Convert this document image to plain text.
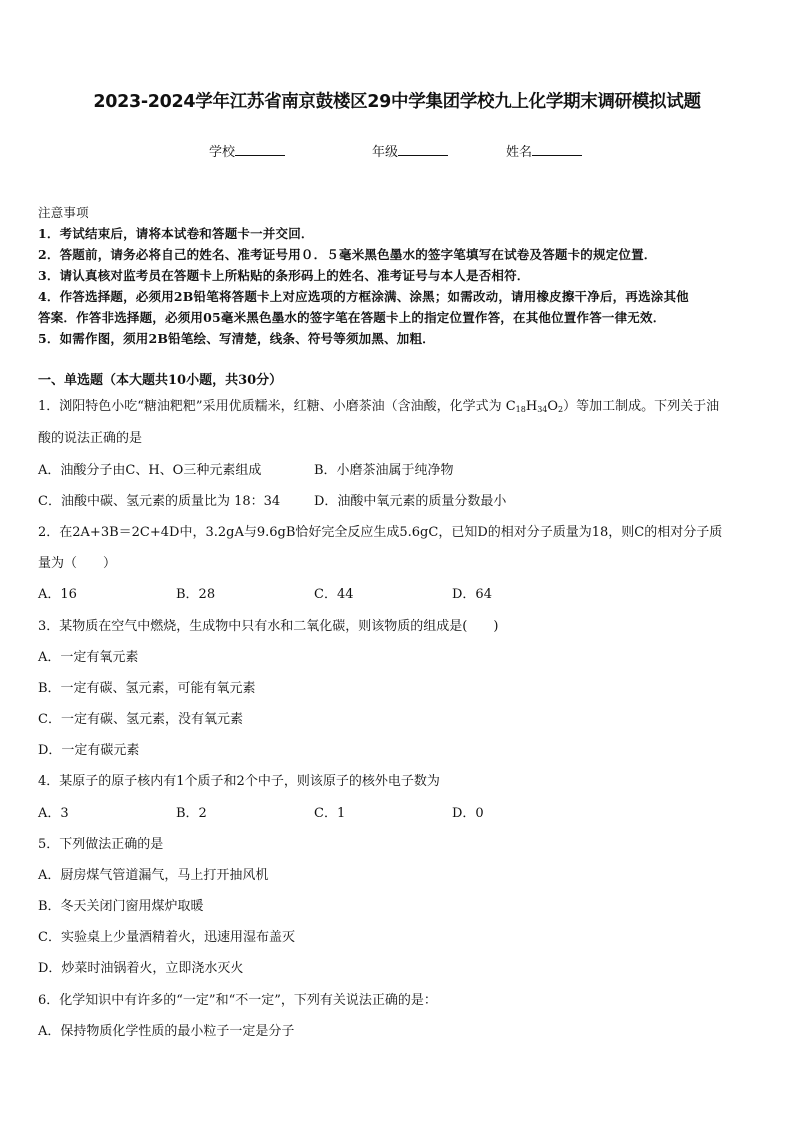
2023-2024学年江苏省南京鼓楼区29中学集团学校九上化学期末调研模拟试题
学校	年级	姓名
注意事项
1．考试结束后，请将本试卷和答题卡一并交回．
2．答题前，请务必将自己的姓名、准考证号用０．５毫米黑色墨水的签字笔填写在试卷及答题卡的规定位置．
3．请认真核对监考员在答题卡上所粘贴的条形码上的姓名、准考证号与本人是否相符．
4．作答选择题，必须用2B铅笔将答题卡上对应选项的方框涂满、涂黑；如需改动，请用橡皮擦干净后，再选涂其他
答案．作答非选择题，必须用05毫米黑色墨水的签字笔在答题卡上的指定位置作答，在其他位置作答一律无效．
5．如需作图，须用2B铅笔绘、写清楚，线条、符号等须加黑、加粗．
一、单选题（本大题共10小题，共30分）
1．浏阳特色小吃“糖油粑粑”采用优质糯米，红糖、小磨茶油（含油酸，化学式为 $C_{18}H_{34}O_2$）等加工制成。下列关于油
酸的说法正确的是
A．油酸分子由C、H、O三种元素组成	B．小磨茶油属于纯净物
C．油酸中碳、氢元素的质量比为 18：34	D．油酸中氧元素的质量分数最小
2．在2A+3B＝2C+4D中，3.2gA与9.6gB恰好完全反应生成5.6gC，已知D的相对分子质量为18，则C的相对分子质
量为（　　）
A．16	B．28	C．44	D．64
3．某物质在空气中燃烧，生成物中只有水和二氧化碳，则该物质的组成是(　　)
A．一定有氧元素
B．一定有碳、氢元素，可能有氧元素
C．一定有碳、氢元素，没有氧元素
D．一定有碳元素
4．某原子的原子核内有1个质子和2个中子，则该原子的核外电子数为
A．3	B．2	C．1	D．0
5．下列做法正确的是
A．厨房煤气管道漏气，马上打开抽风机
B．冬天关闭门窗用煤炉取暖
C．实验桌上少量酒精着火，迅速用湿布盖灭
D．炒菜时油锅着火，立即浇水灭火
6．化学知识中有许多的“一定”和“不一定”，下列有关说法正确的是：
A．保持物质化学性质的最小粒子一定是分子
